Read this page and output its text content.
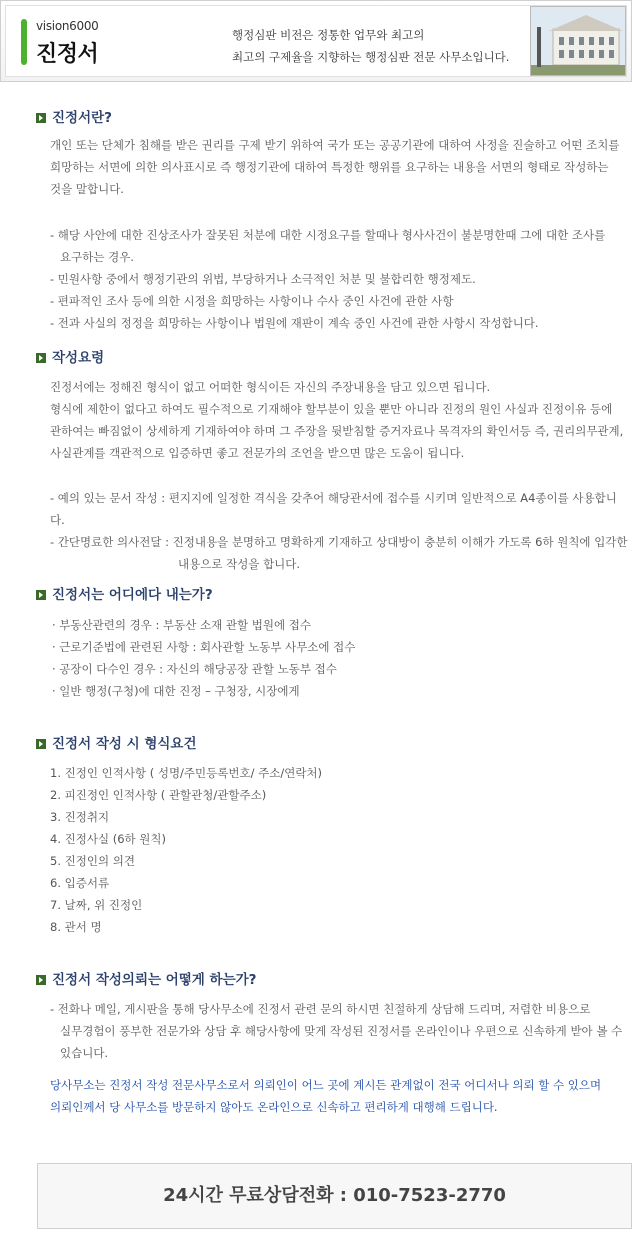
vision6000
진정서
행정심판 비전은 정통한 업무와 최고의
최고의 구제율을 지향하는 행정심판 전문 사무소입니다.
진정서란?
개인 또는 단체가 침해를 받은 권리를 구제 받기 위하여 국가 또는 공공기관에 대하여 사정을 진술하고 어떤 조치를
희망하는 서면에 의한 의사표시로 즉 행정기관에 대하여 특정한 행위를 요구하는 내용을 서면의 형태로 작성하는
것을 말합니다.
- 해당 사안에 대한 진상조사가 잘못된 처분에 대한 시정요구를 할때나 형사사건이 불분명한때 그에 대한 조사를
요구하는 경우.
- 민원사항 중에서 행정기관의 위법, 부당하거나 소극적인 처분 및 불합리한 행정제도.
- 편파적인 조사 등에 의한 시정을 희망하는 사항이나 수사 중인 사건에 관한 사항
- 전과 사실의 정정을 희망하는 사항이나 법원에 재판이 계속 중인 사건에 관한 사항시 작성합니다.
작성요령
진정서에는 정해진 형식이 없고 어떠한 형식이든 자신의 주장내용을 담고 있으면 됩니다.
형식에 제한이 없다고 하여도 필수적으로 기재해야 할부분이 있을 뿐만 아니라 진정의 원인 사실과 진정이유 등에
관하여는 빠짐없이 상세하게 기재하여야 하며 그 주장을 뒷받침할 증거자료나 목격자의 확인서등 즉, 권리의무관계,
사실관계를 객관적으로 입증하면 좋고 전문가의 조언을 받으면 많은 도움이 됩니다.
- 예의 있는 문서 작성 : 편지지에 일정한 격식을 갖추어 해당관서에 접수를 시키며 일반적으로 A4종이를 사용합니다.
- 간단명료한 의사전달 : 진정내용을 분명하고 명확하게 기재하고 상대방이 충분히 이해가 가도록 6하 원칙에 입각한
내용으로 작성을 합니다.
진정서는 어디에다 내는가?
· 부동산관련의 경우 : 부동산 소재 관할 법원에 접수
· 근로기준법에 관련된 사항 : 회사관할 노동부 사무소에 접수
· 공장이 다수인 경우 : 자신의 해당공장 관할 노동부 접수
· 일반 행정(구청)에 대한 진정 – 구청장, 시장에게
진정서 작성 시 형식요건
1. 진정인 인적사항 ( 성명/주민등록번호/ 주소/연락처)
2. 피진정인 인적사항 ( 관할관청/관할주소)
3. 진정취지
4. 진정사실 (6하 원칙)
5. 진정인의 의견
6. 입증서류
7. 날짜, 위 진정인
8. 관서 명
진정서 작성의뢰는 어떻게 하는가?
- 전화나 메일, 게시판을 통해 당사무소에 진정서 관련 문의 하시면 친절하게 상담해 드리며, 저렴한 비용으로
실무경험이 풍부한 전문가와 상담 후 해당사항에 맞게 작성된 진정서를 온라인이나 우편으로 신속하게 받아 볼 수
있습니다.
당사무소는 진정서 작성 전문사무소로서 의뢰인이 어느 곳에 계시든 관계없이 전국 어디서나 의뢰 할 수 있으며
의뢰인께서 당 사무소를 방문하지 않아도 온라인으로 신속하고 편리하게 대행해 드립니다.
24시간 무료상담전화 : 010-7523-2770
